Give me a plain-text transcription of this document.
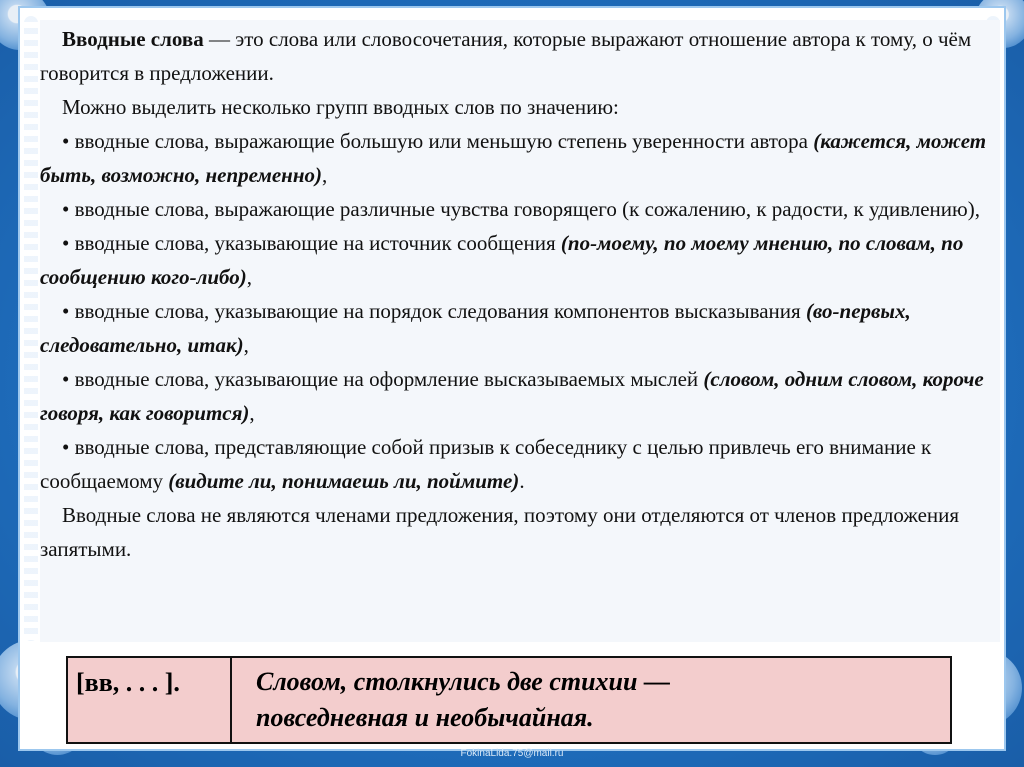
Вводные слова — это слова или словосочетания, которые выражают отношение автора к тому, о чём говорится в предложении.

Можно выделить несколько групп вводных слов по значению:

• вводные слова, выражающие большую или меньшую степень уверенности автора (кажется, может быть, возможно, непременно),

• вводные слова, выражающие различные чувства говорящего (к сожалению, к радости, к удивлению),

• вводные слова, указывающие на источник сообщения (по-моему, по моему мнению, по словам, по сообщению кого-либо),

• вводные слова, указывающие на порядок следования компонентов высказывания (во-первых, следовательно, итак),

• вводные слова, указывающие на оформление высказываемых мыслей (словом, одним словом, короче говоря, как говорится),

• вводные слова, представляющие собой призыв к собеседнику с целью привлечь его внимание к сообщаемому (видите ли, понимаешь ли, поймите).

Вводные слова не являются членами предложения, поэтому они отделяются от членов предложения запятыми.

[вв, . . . ].	Словом, столкнулись две стихии —
повседневная и необычайная.
FokinaLida.75@mail.ru
